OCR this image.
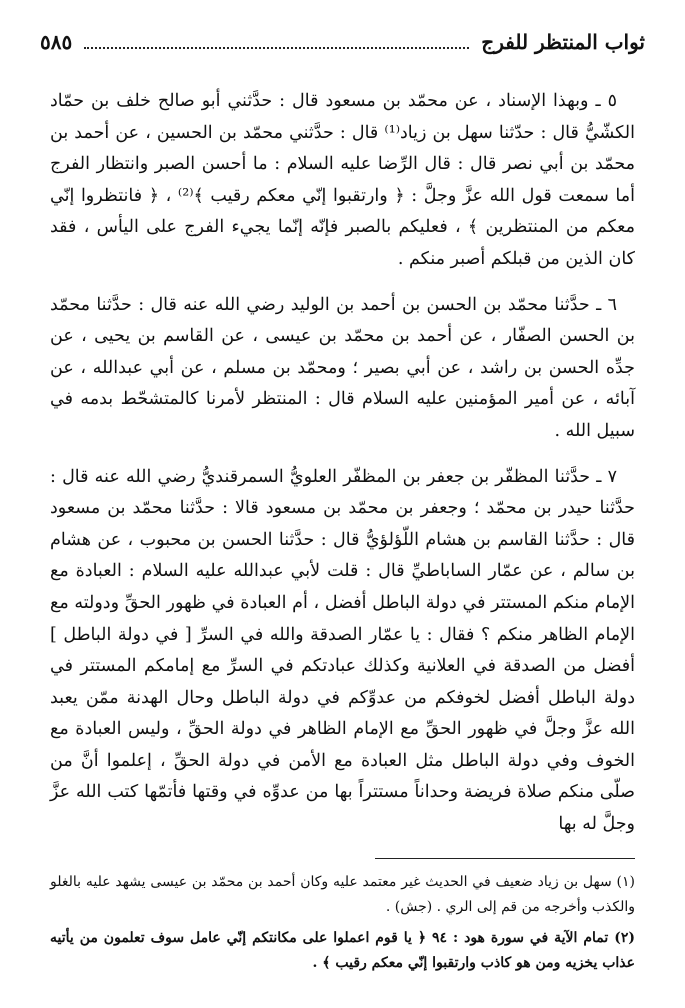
٥٨٥	ثواب المنتظر للفرج

٥ ـ وبهذا الإسناد ، عن محمّد بن مسعود قال : حدَّثني أبو صالح خلف بن حمّاد الكشّيُّ قال : حدّثنا سهل بن زياد⁽¹⁾ قال : حدَّثني محمّد بن الحسين ، عن أحمد بن محمّد بن أبي نصر قال : قال الرِّضا عليه السلام : ما أحسن الصبر وانتظار الفرج أما سمعت قول الله عزَّ وجلَّ : ﴿ وارتقبوا إنّي معكم رقيب ﴾⁽²⁾ ، ﴿ فانتظروا إنّي معكم من المنتظرين ﴾ ، فعليكم بالصبر فإنّه إنّما يجيء الفرج على اليأس ، فقد كان الذين من قبلكم أصبر منكم .

٦ ـ حدَّثنا محمّد بن الحسن بن أحمد بن الوليد رضي الله عنه قال : حدَّثنا محمّد بن الحسن الصفّار ، عن أحمد بن محمّد بن عيسى ، عن القاسم بن يحيى ، عن جدِّه الحسن بن راشد ، عن أبي بصير ؛ ومحمّد بن مسلم ، عن أبي عبدالله ، عن آبائه ، عن أمير المؤمنين عليه السلام قال : المنتظر لأمرنا كالمتشحّط بدمه في سبيل الله .

٧ ـ حدَّثنا المظفّر بن جعفر بن المظفّر العلويُّ السمرقنديُّ رضي الله عنه قال : حدَّثنا حيدر بن محمّد ؛ وجعفر بن محمّد بن مسعود قالا : حدَّثنا محمّد بن مسعود قال : حدَّثنا القاسم بن هشام اللّؤلؤيُّ قال : حدَّثنا الحسن بن محبوب ، عن هشام بن سالم ، عن عمّار الساباطيِّ قال : قلت لأبي عبدالله عليه السلام : العبادة مع الإمام منكم المستتر في دولة الباطل أفضل ، أم العبادة في ظهور الحقِّ ودولته مع الإمام الظاهر منكم ؟ فقال : يا عمّار الصدقة والله في السرِّ [ في دولة الباطل ] أفضل من الصدقة في العلانية وكذلك عبادتكم في السرِّ مع إمامكم المستتر في دولة الباطل أفضل لخوفكم من عدوِّكم في دولة الباطل وحال الهدنة ممّن يعبد الله عزَّ وجلَّ في ظهور الحقِّ مع الإمام الظاهر في دولة الحقِّ ، وليس العبادة مع الخوف وفي دولة الباطل مثل العبادة مع الأمن في دولة الحقِّ ، إعلموا أنَّ من صلّى منكم صلاة فريضة وحداناً مستتراً بها من عدوِّه في وقتها فأتمّها كتب الله عزَّ وجلَّ له بها

(١) سهل بن زياد ضعيف في الحديث غير معتمد عليه وكان أحمد بن محمّد بن عيسى يشهد عليه بالغلو والكذب وأخرجه من قم إلى الري . (جش) .

(٢) تمام الآية في سورة هود : ٩٤ ﴿ يا قوم اعملوا على مكانتكم إنّي عامل سوف تعلمون من يأتيه عذاب يخزيه ومن هو كاذب وارتقبوا إنّي معكم رقيب ﴾ .
